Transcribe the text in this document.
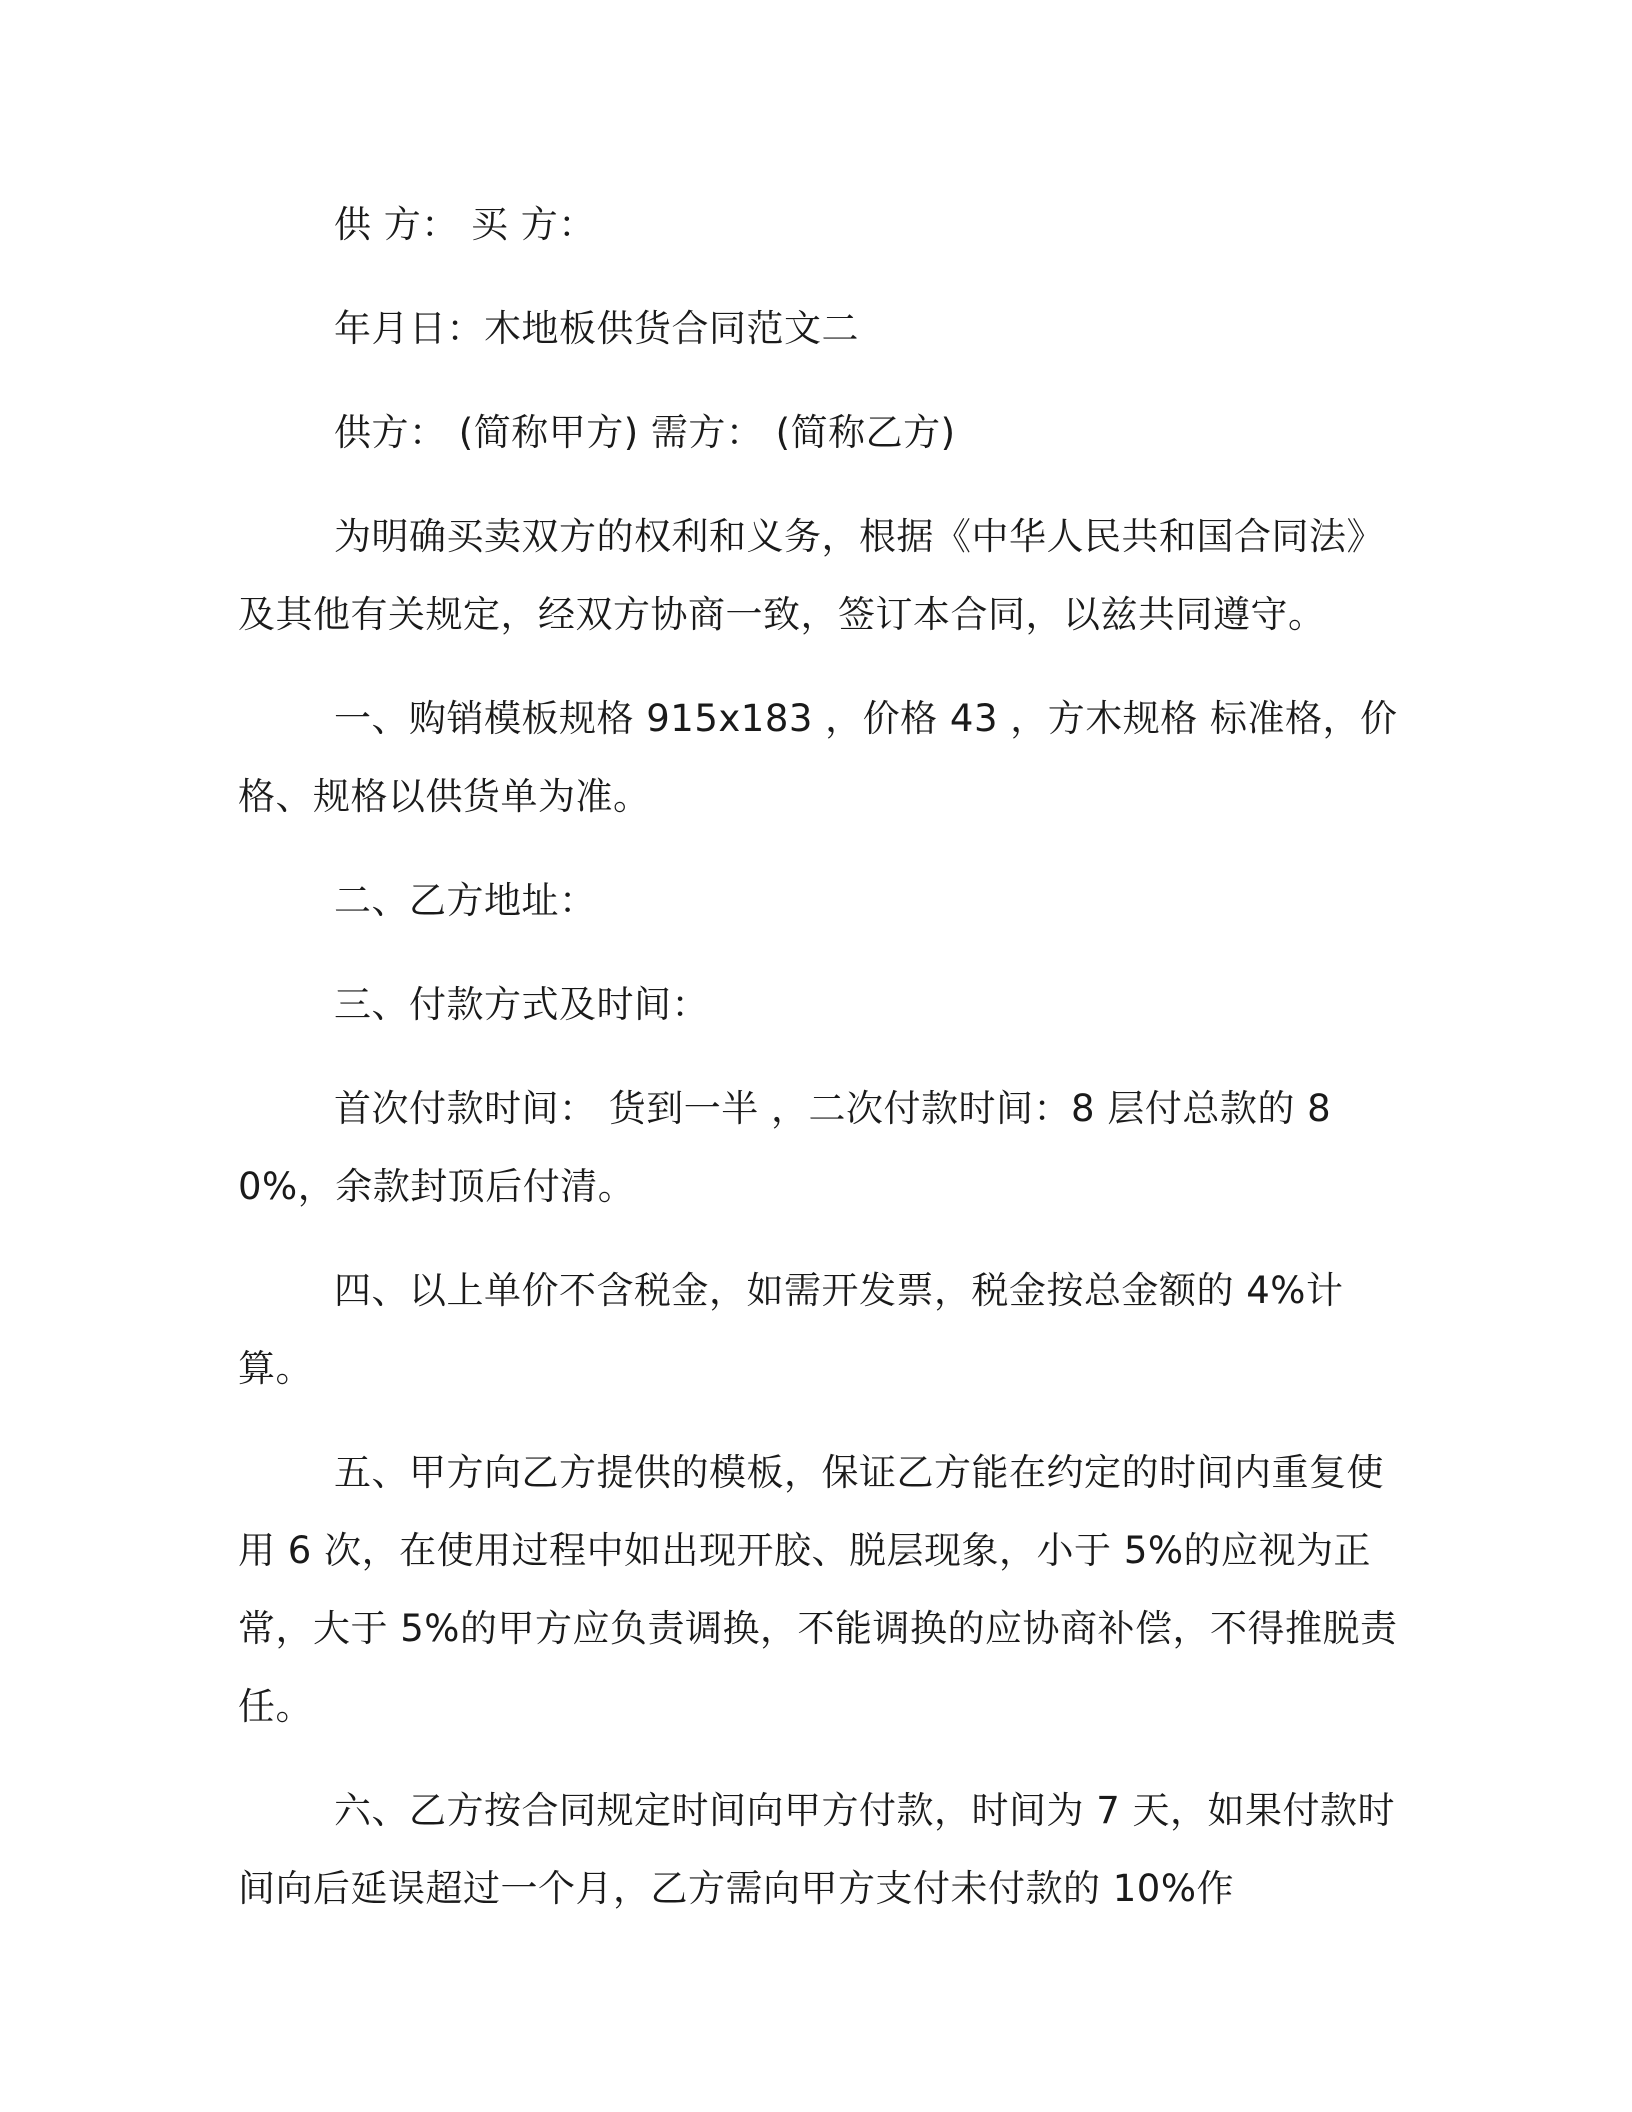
供 方： 买 方：

年月日：木地板供货合同范文二

供方： (简称甲方) 需方： (简称乙方)

为明确买卖双方的权利和义务，根据《中华人民共和国合同法》及其他有关规定，经双方协商一致，签订本合同，以兹共同遵守。

一、购销模板规格 915x183 ，价格 43 ，方木规格 标准格，价格、规格以供货单为准。

二、乙方地址：

三、付款方式及时间：

首次付款时间： 货到一半 ，二次付款时间：8 层付总款的 80%，余款封顶后付清。

四、以上单价不含税金，如需开发票，税金按总金额的 4%计算。

五、甲方向乙方提供的模板，保证乙方能在约定的时间内重复使用 6 次，在使用过程中如出现开胶、脱层现象，小于 5%的应视为正常，大于 5%的甲方应负责调换，不能调换的应协商补偿，不得推脱责任。

六、乙方按合同规定时间向甲方付款，时间为 7 天，如果付款时间向后延误超过一个月，乙方需向甲方支付未付款的 10%作
